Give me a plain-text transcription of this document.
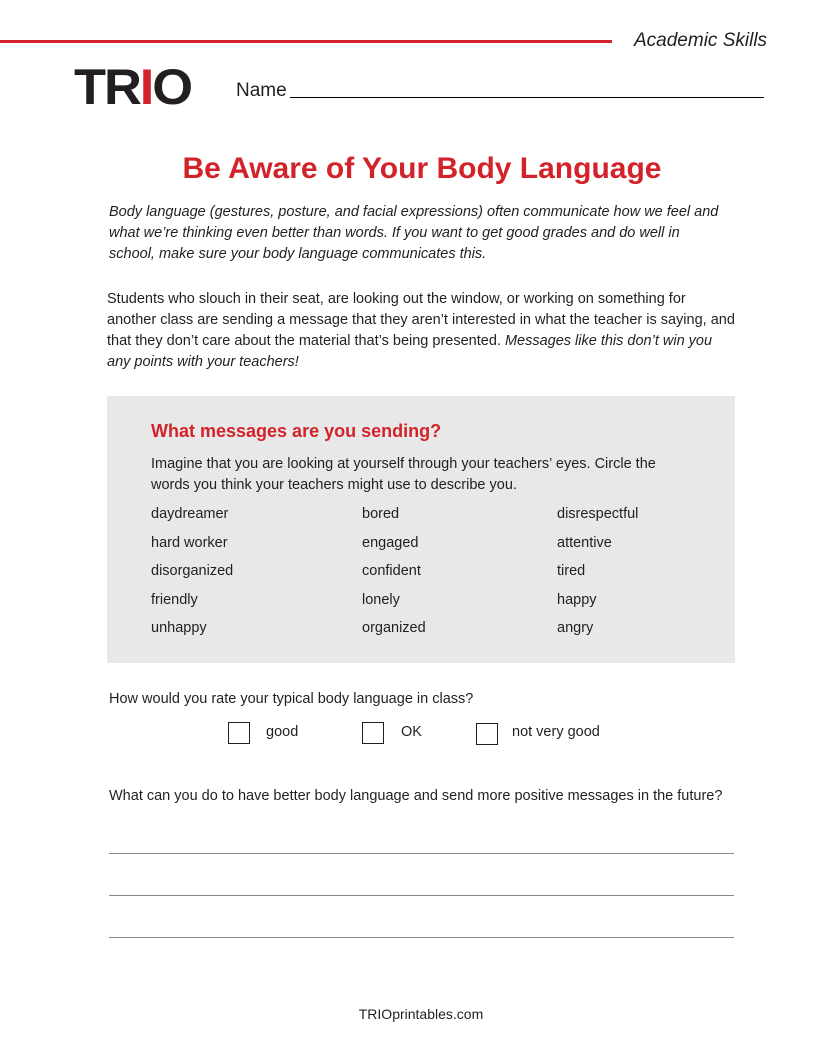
Academic Skills
TRIO Name
Be Aware of Your Body Language
Body language (gestures, posture, and facial expressions) often communicate how we feel and what we’re thinking even better than words. If you want to get good grades and do well in school, make sure your body language communicates this.
Students who slouch in their seat, are looking out the window, or working on something for another class are sending a message that they aren’t interested in what the teacher is saying, and that they don’t care about the material that’s being presented. Messages like this don’t win you any points with your teachers!
What messages are you sending?
Imagine that you are looking at yourself through your teachers’ eyes. Circle the words you think your teachers might use to describe you.
How would you rate your typical body language in class?
good	OK	not very good
What can you do to have better body language and send more positive messages in the future?
TRIOprintables.com
daydreamer	bored	disrespectful
hard worker	engaged	attentive
disorganized	confident	tired
friendly	lonely	happy
unhappy	organized	angry
